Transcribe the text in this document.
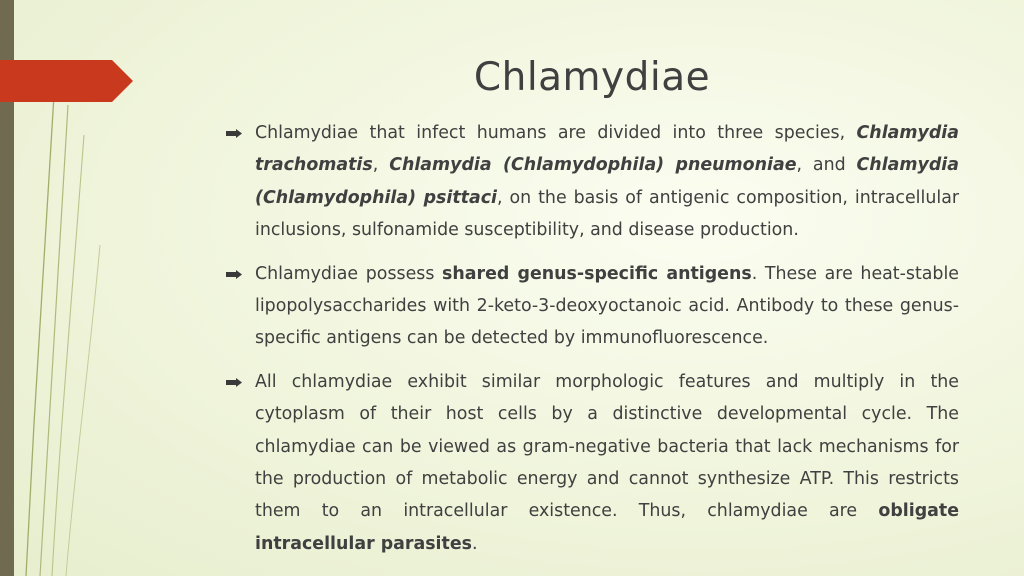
Chlamydiae
Chlamydiae that infect humans are divided into three species, Chlamydia trachomatis, Chlamydia (Chlamydophila) pneumoniae, and Chlamydia (Chlamydophila) psittaci, on the basis of antigenic composition, intracellular inclusions, sulfonamide susceptibility, and disease production.
Chlamydiae possess shared genus-specific antigens. These are heat-stable lipopolysaccharides with 2-keto-3-deoxyoctanoic acid. Antibody to these genus-specific antigens can be detected by immunofluorescence.
All chlamydiae exhibit similar morphologic features and multiply in the cytoplasm of their host cells by a distinctive developmental cycle. The chlamydiae can be viewed as gram-negative bacteria that lack mechanisms for the production of metabolic energy and cannot synthesize ATP. This restricts them to an intracellular existence. Thus, chlamydiae are obligate intracellular parasites.
